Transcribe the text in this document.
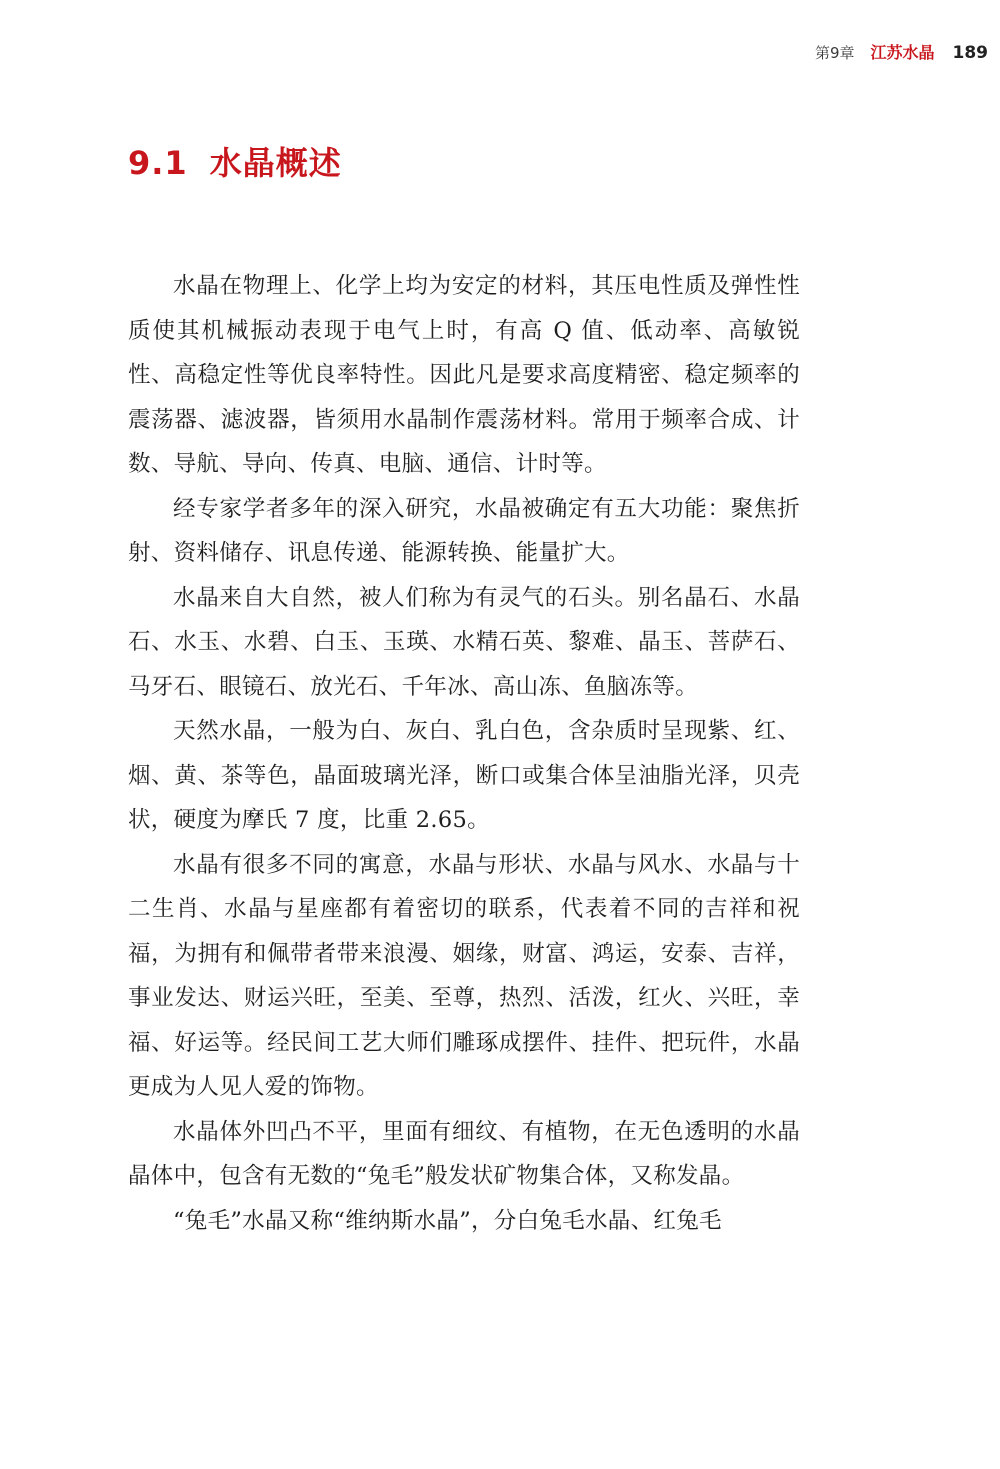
第9章 江苏水晶 189
9.1 水晶概述

水晶在物理上、化学上均为安定的材料，其压电性质及弹性性质使其机械振动表现于电气上时，有高 Q 值、低动率、高敏锐性、高稳定性等优良率特性。因此凡是要求高度精密、稳定频率的震荡器、滤波器，皆须用水晶制作震荡材料。常用于频率合成、计数、导航、导向、传真、电脑、通信、计时等。

经专家学者多年的深入研究，水晶被确定有五大功能：聚焦折射、资料储存、讯息传递、能源转换、能量扩大。

水晶来自大自然，被人们称为有灵气的石头。别名晶石、水晶石、水玉、水碧、白玉、玉瑛、水精石英、黎难、晶玉、菩萨石、马牙石、眼镜石、放光石、千年冰、高山冻、鱼脑冻等。

天然水晶，一般为白、灰白、乳白色，含杂质时呈现紫、红、烟、黄、茶等色，晶面玻璃光泽，断口或集合体呈油脂光泽，贝壳状，硬度为摩氏 7 度，比重 2.65。

水晶有很多不同的寓意，水晶与形状、水晶与风水、水晶与十二生肖、水晶与星座都有着密切的联系，代表着不同的吉祥和祝福，为拥有和佩带者带来浪漫、姻缘，财富、鸿运，安泰、吉祥，事业发达、财运兴旺，至美、至尊，热烈、活泼，红火、兴旺，幸福、好运等。经民间工艺大师们雕琢成摆件、挂件、把玩件，水晶更成为人见人爱的饰物。

水晶体外凹凸不平，里面有细纹、有植物，在无色透明的水晶晶体中，包含有无数的“兔毛”般发状矿物集合体，又称发晶。

“兔毛”水晶又称“维纳斯水晶”，分白兔毛水晶、红兔毛
